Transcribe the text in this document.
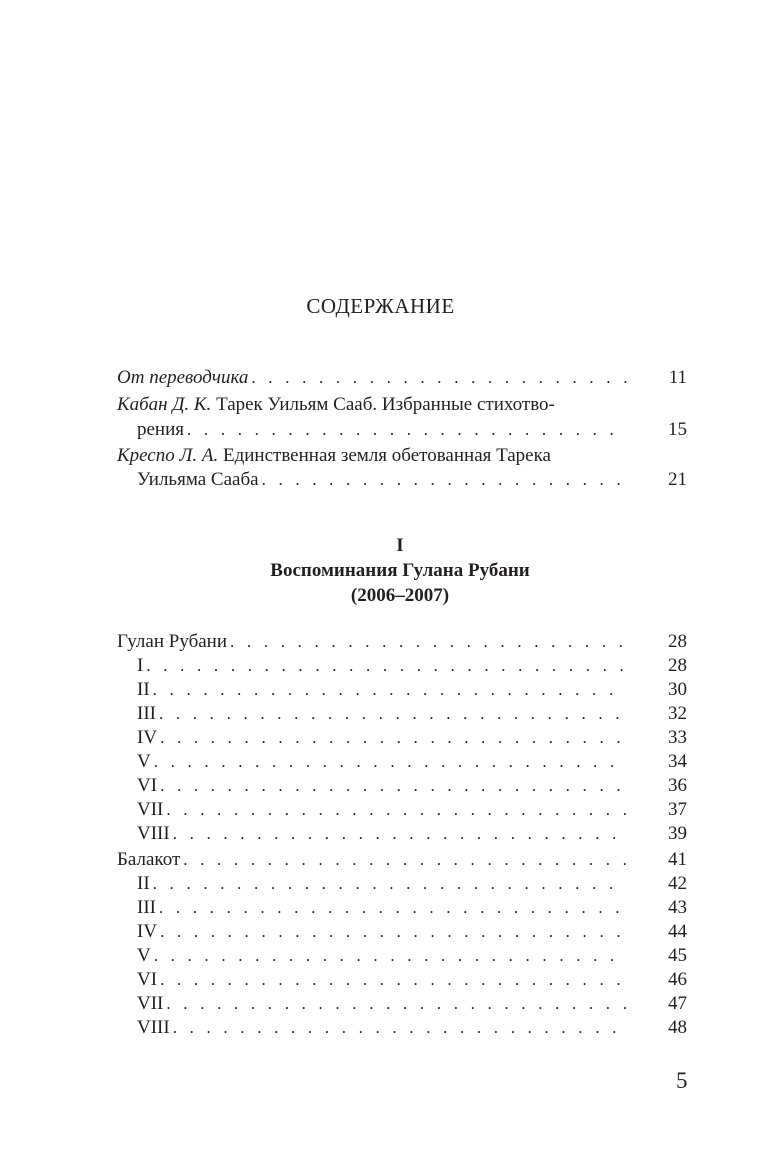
СОДЕРЖАНИЕ
От переводчика . . .	11
Кабан Д. К. Тарек Уильям Сааб. Избранные стихотво-
рения . . .	15
Креспо Л. А. Единственная земля обетованная Тарека
Уильяма Сааба . . .	21
I
Воспоминания Гулана Рубани
(2006–2007)
Гулан Рубани . . .	28
I . . .	28
II . . .	30
III . . .	32
IV . . .	33
V . . .	34
VI . . .	36
VII . . .	37
VIII . . .	39
Балакот . . .	41
II . . .	42
III . . .	43
IV . . .	44
V . . .	45
VI . . .	46
VII . . .	47
VIII . . .	48
5
